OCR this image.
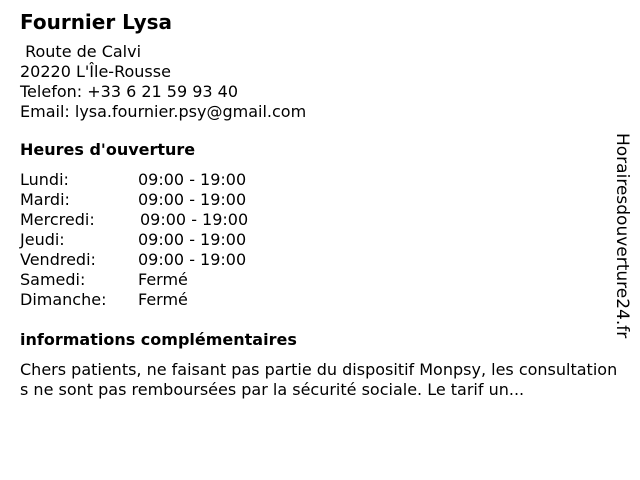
Fournier Lysa
Route de Calvi
20220 L'Île-Rousse
Telefon: +33 6 21 59 93 40
Email: lysa.fournier.psy@gmail.com
Heures d'ouverture
Lundi:	09:00 - 19:00
Mardi:	09:00 - 19:00
Mercredi:	09:00 - 19:00
Jeudi:	09:00 - 19:00
Vendredi:	09:00 - 19:00
Samedi:	Fermé
Dimanche:	Fermé
informations complémentaires
Chers patients, ne faisant pas partie du dispositif Monpsy, les consultations ne sont pas remboursées par la sécurité sociale. Le tarif un...
Horairesdouverture24.fr
